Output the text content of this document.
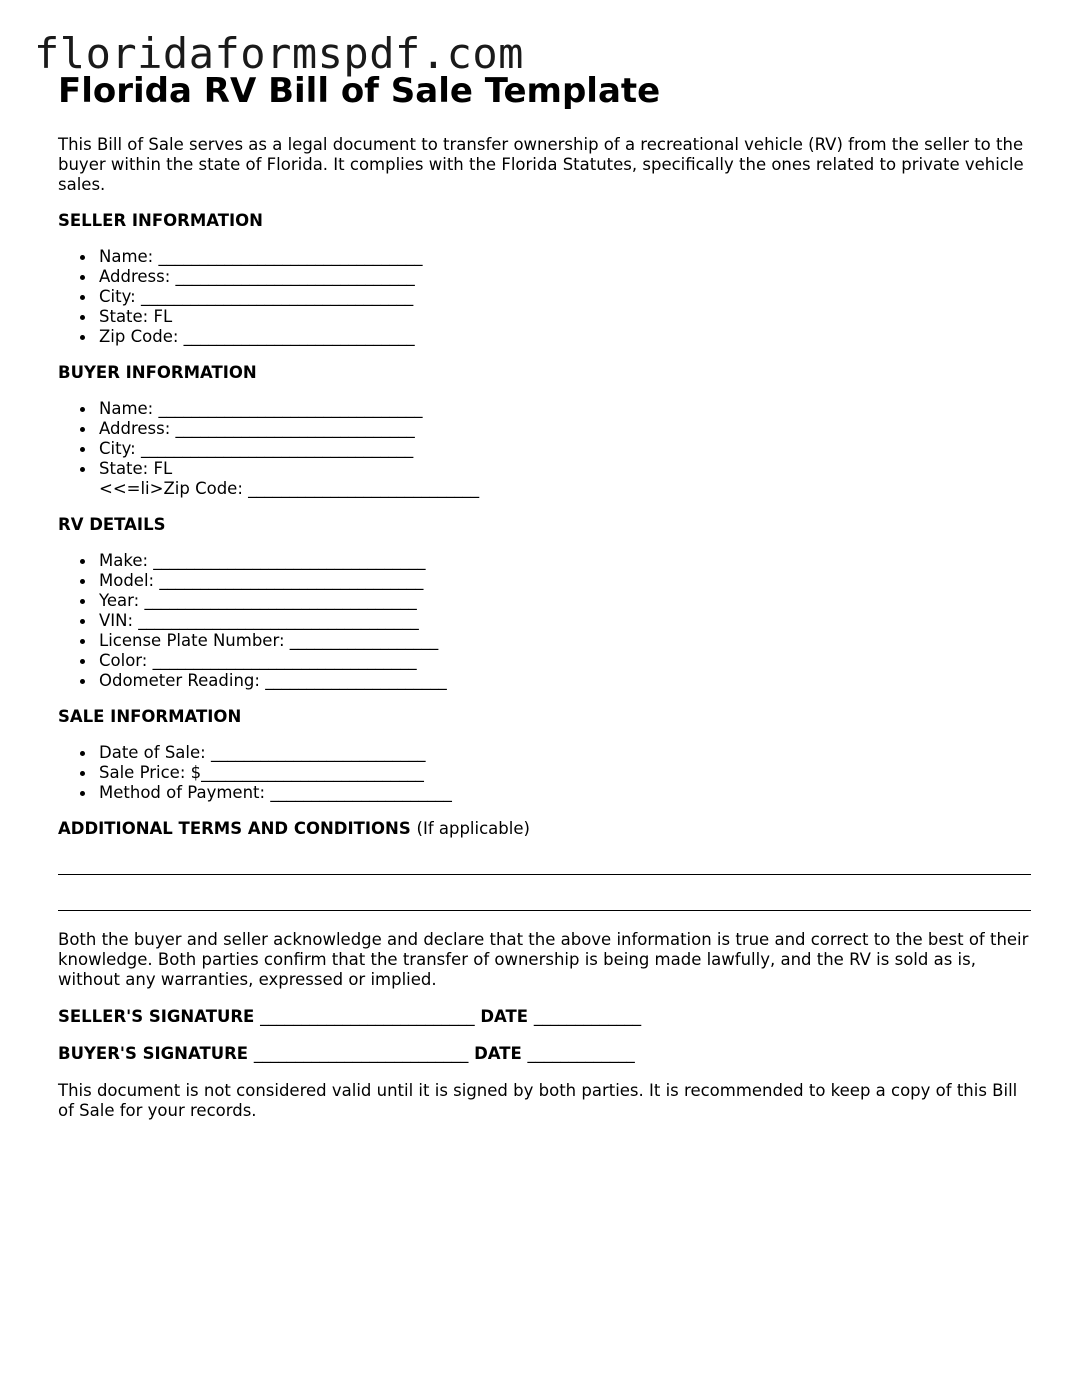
floridaformspdf.com
Florida RV Bill of Sale Template

This Bill of Sale serves as a legal document to transfer ownership of a recreational vehicle (RV) from the seller to the buyer within the state of Florida. It complies with the Florida Statutes, specifically the ones related to private vehicle sales.

SELLER INFORMATION
Name: ________________________________
Address: _____________________________
City: _________________________________
State: FL
Zip Code: ____________________________
BUYER INFORMATION
Name: ________________________________
Address: _____________________________
City: _________________________________
State: FL
<<=li>Zip Code: ____________________________
RV DETAILS
Make: _________________________________
Model: ________________________________
Year: _________________________________
VIN: __________________________________
License Plate Number: __________________
Color: ________________________________
Odometer Reading: ______________________
SALE INFORMATION
Date of Sale: __________________________
Sale Price: $___________________________
Method of Payment: ______________________
ADDITIONAL TERMS AND CONDITIONS (If applicable)

Both the buyer and seller acknowledge and declare that the above information is true and correct to the best of their knowledge. Both parties confirm that the transfer of ownership is being made lawfully, and the RV is sold as is, without any warranties, expressed or implied.

SELLER'S SIGNATURE __________________________ DATE _____________
BUYER'S SIGNATURE __________________________ DATE _____________

This document is not considered valid until it is signed by both parties. It is recommended to keep a copy of this Bill of Sale for your records.
